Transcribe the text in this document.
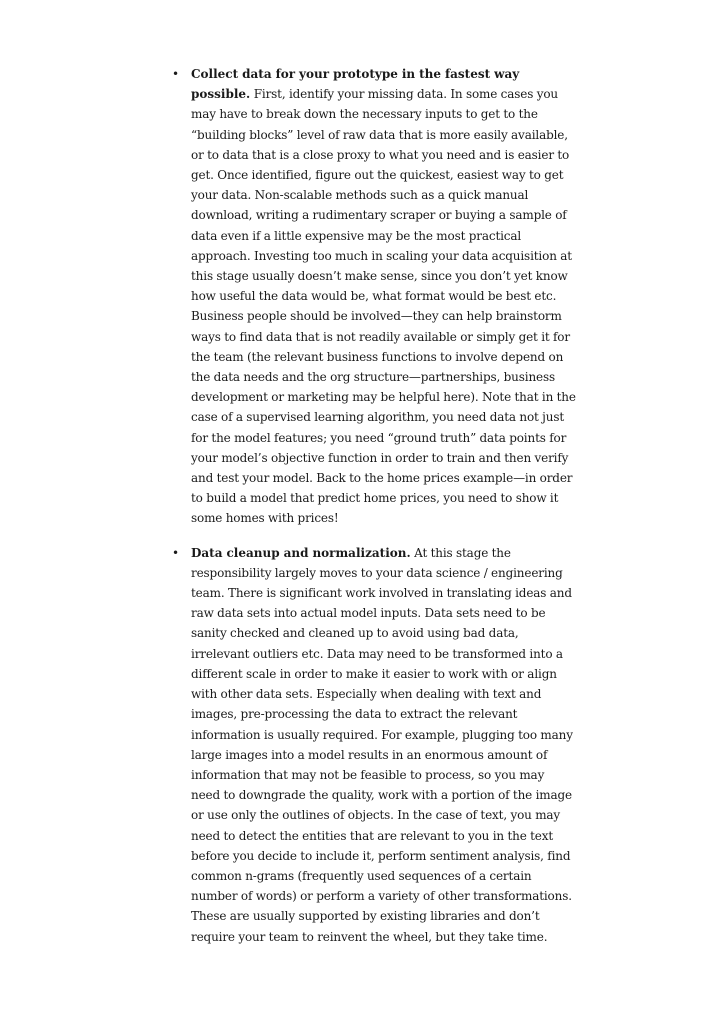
• Collect data for your prototype in the fastest way possible. First, identify your missing data. In some cases you may have to break down the necessary inputs to get to the “building blocks” level of raw data that is more easily available, or to data that is a close proxy to what you need and is easier to get. Once identified, figure out the quickest, easiest way to get your data. Non-scalable methods such as a quick manual download, writing a rudimentary scraper or buying a sample of data even if a little expensive may be the most practical approach. Investing too much in scaling your data acquisition at this stage usually doesn’t make sense, since you don’t yet know how useful the data would be, what format would be best etc. Business people should be involved—they can help brainstorm ways to find data that is not readily available or simply get it for the team (the relevant business functions to involve depend on the data needs and the org structure—partnerships, business development or marketing may be helpful here). Note that in the case of a supervised learning algorithm, you need data not just for the model features; you need “ground truth” data points for your model’s objective function in order to train and then verify and test your model. Back to the home prices example—in order to build a model that predict home prices, you need to show it some homes with prices!
• Data cleanup and normalization. At this stage the responsibility largely moves to your data science / engineering team. There is significant work involved in translating ideas and raw data sets into actual model inputs. Data sets need to be sanity checked and cleaned up to avoid using bad data, irrelevant outliers etc. Data may need to be transformed into a different scale in order to make it easier to work with or align with other data sets. Especially when dealing with text and images, pre-processing the data to extract the relevant information is usually required. For example, plugging too many large images into a model results in an enormous amount of information that may not be feasible to process, so you may need to downgrade the quality, work with a portion of the image or use only the outlines of objects. In the case of text, you may need to detect the entities that are relevant to you in the text before you decide to include it, perform sentiment analysis, find common n-grams (frequently used sequences of a certain number of words) or perform a variety of other transformations. These are usually supported by existing libraries and don’t require your team to reinvent the wheel, but they take time.
